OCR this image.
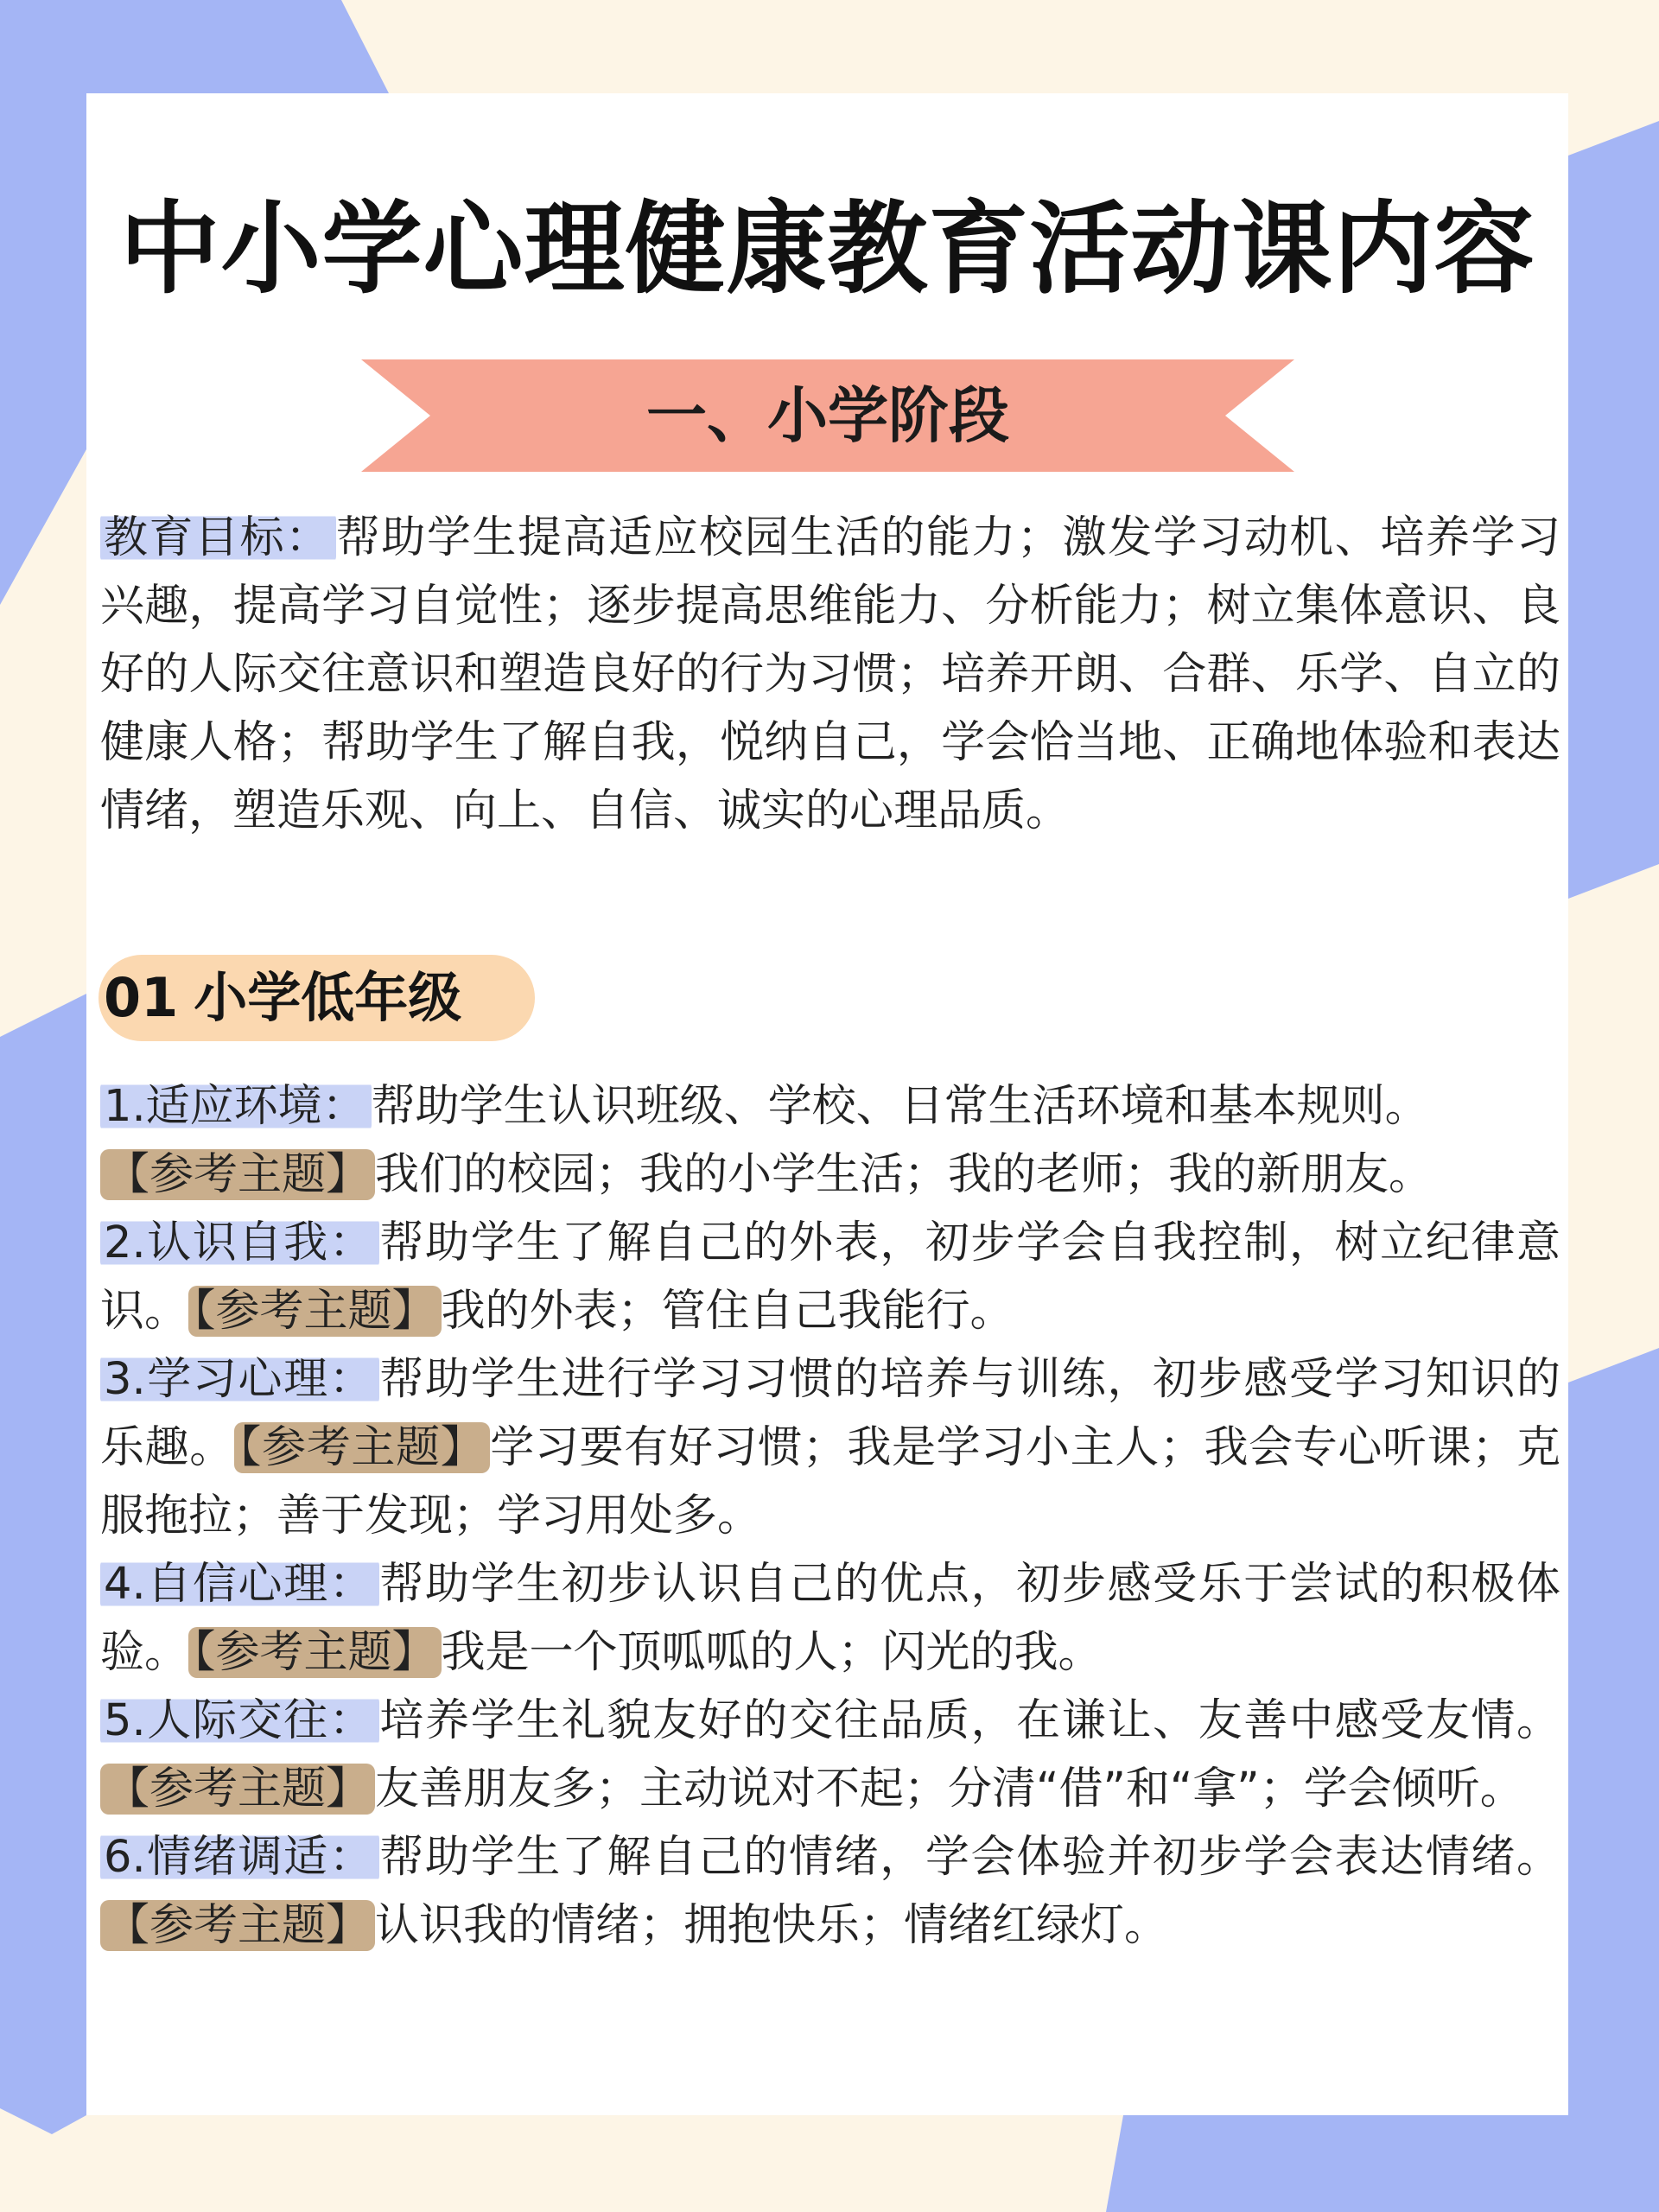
中小学心理健康教育活动课内容
一、小学阶段
教育目标： 帮助学生提高适应校园生活的能力；激发学习动机、培养学习兴趣，提高学习自觉性；逐步提高思维能力、分析能力；树立集体意识、良好的人际交往意识和塑造良好的行为习惯；培养开朗、合群、乐学、自立的健康人格；帮助学生了解自我，悦纳自己，学会恰当地、正确地体验和表达情绪，塑造乐观、向上、自信、诚实的心理品质。
01 小学低年级

1.适应环境： 帮助学生认识班级、学校、日常生活环境和基本规则。
【参考主题】 我们的校园；我的小学生活；我的老师；我的新朋友。

2.认识自我： 帮助学生了解自己的外表，初步学会自我控制，树立纪律意识。 【参考主题】 我的外表；管住自己我能行。

3.学习心理： 帮助学生进行学习习惯的培养与训练，初步感受学习知识的乐趣。 【参考主题】 学习要有好习惯；我是学习小主人；我会专心听课；克服拖拉；善于发现；学习用处多。

4.自信心理： 帮助学生初步认识自己的优点，初步感受乐于尝试的积极体验。 【参考主题】 我是一个顶呱呱的人；闪光的我。

5.人际交往： 培养学生礼貌友好的交往品质，在谦让、友善中感受友情。【参考主题】 友善朋友多；主动说对不起；分清“借”和“拿”；学会倾听。

6.情绪调适： 帮助学生了解自己的情绪，学会体验并初步学会表达情绪。【参考主题】 认识我的情绪；拥抱快乐；情绪红绿灯。
